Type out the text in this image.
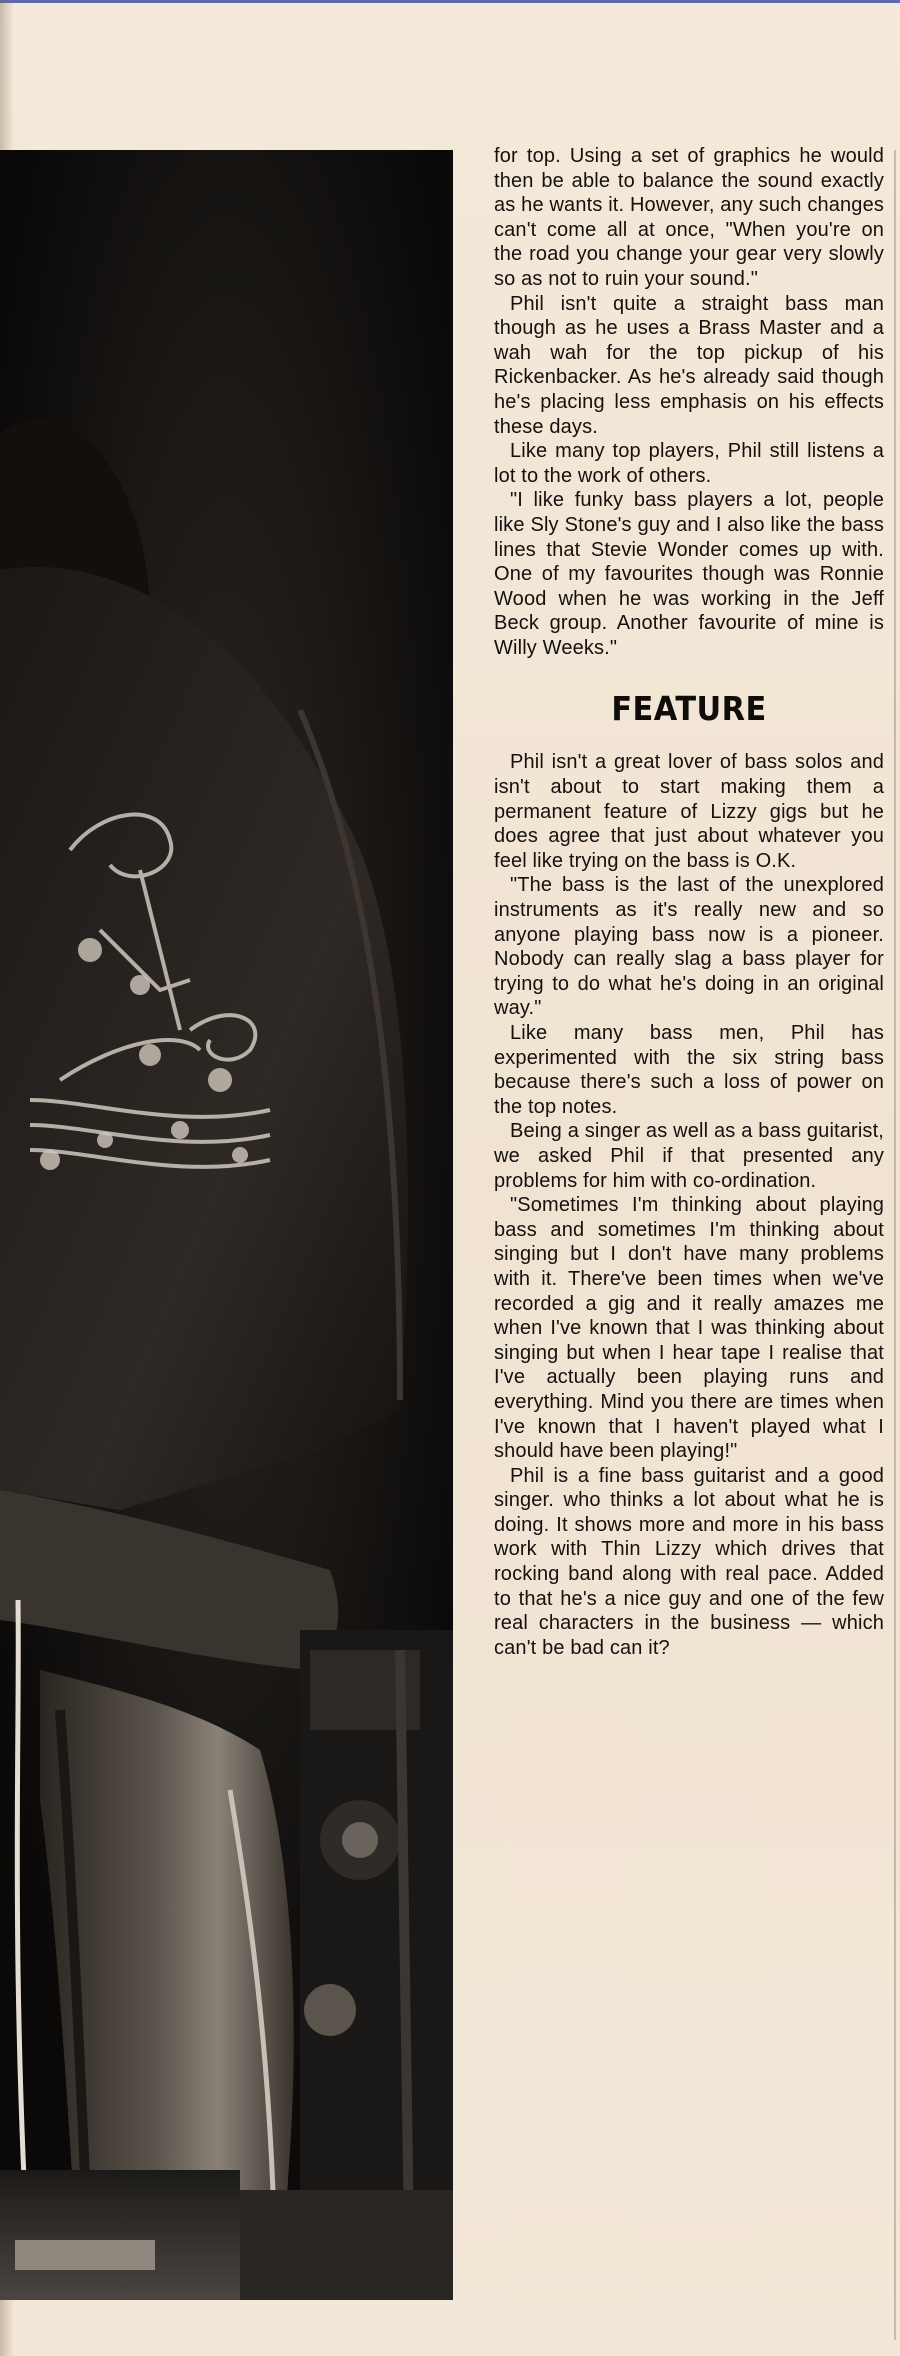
for top. Using a set of graphics he would then be able to balance the sound exactly as he wants it. However, any such changes can't come all at once, "When you're on the road you change your gear very slowly so as not to ruin your sound."

Phil isn't quite a straight bass man though as he uses a Brass Master and a wah wah for the top pickup of his Rickenbacker. As he's already said though he's placing less emphasis on his effects these days.

Like many top players, Phil still listens a lot to the work of others.

"I like funky bass players a lot, people like Sly Stone's guy and I also like the bass lines that Stevie Wonder comes up with. One of my favourites though was Ronnie Wood when he was working in the Jeff Beck group. Another favourite of mine is Willy Weeks."

FEATURE

Phil isn't a great lover of bass solos and isn't about to start making them a permanent feature of Lizzy gigs but he does agree that just about whatever you feel like trying on the bass is O.K.

"The bass is the last of the unexplored instruments as it's really new and so anyone playing bass now is a pioneer. Nobody can really slag a bass player for trying to do what he's doing in an original way."

Like many bass men, Phil has experimented with the six string bass because there's such a loss of power on the top notes.

Being a singer as well as a bass guitarist, we asked Phil if that presented any problems for him with co-ordination.

"Sometimes I'm thinking about playing bass and sometimes I'm thinking about singing but I don't have many problems with it. There've been times when we've recorded a gig and it really amazes me when I've known that I was thinking about singing but when I hear tape I realise that I've actually been playing runs and everything. Mind you there are times when I've known that I haven't played what I should have been playing!"

Phil is a fine bass guitarist and a good singer. who thinks a lot about what he is doing. It shows more and more in his bass work with Thin Lizzy which drives that rocking band along with real pace. Added to that he's a nice guy and one of the few real characters in the business — which can't be bad can it?
